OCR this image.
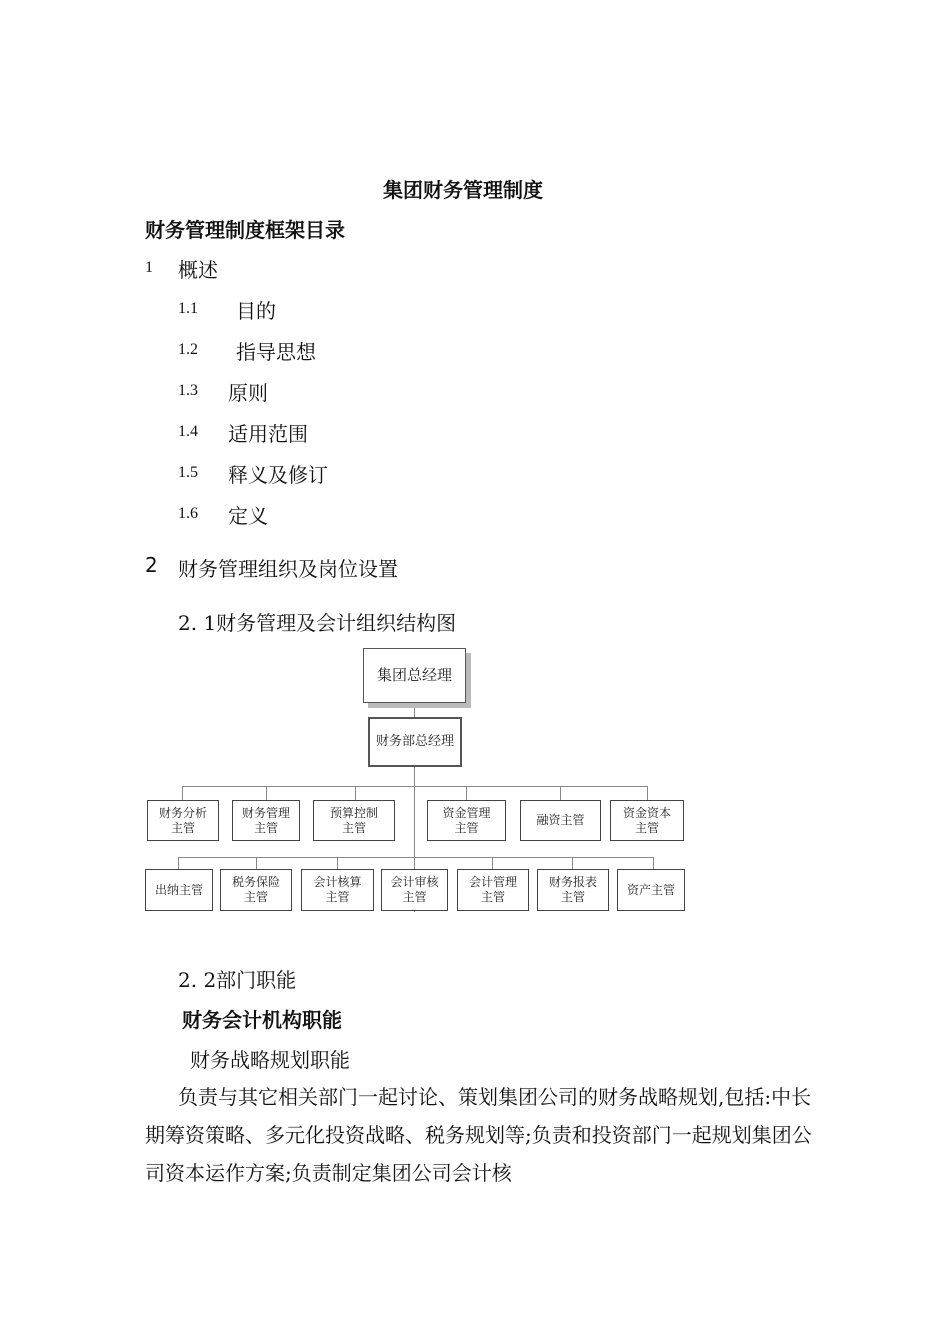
集团财务管理制度
财务管理制度框架目录
1 概述
1.1 目的
1.2 指导思想
1.3 原则
1.4 适用范围
1.5 释义及修订
1.6 定义
2 财务管理组织及岗位设置
2. 1财务管理及会计组织结构图
集团总经理
财务部总经理
财务分析
主管
财务管理
主管
预算控制
主管
资金管理
主管
融资主管
资金资本
主管
出纳主管
税务保险
主管
会计核算
主管
会计审核
主管
会计管理
主管
财务报表
主管
资产主管
2. 2部门职能
财务会计机构职能
财务战略规划职能
负责与其它相关部门一起讨论、策划集团公司的财务战略规划,包括:中长期筹资策略、多元化投资战略、税务规划等;负责和投资部门一起规划集团公司资本运作方案;负责制定集团公司会计核
